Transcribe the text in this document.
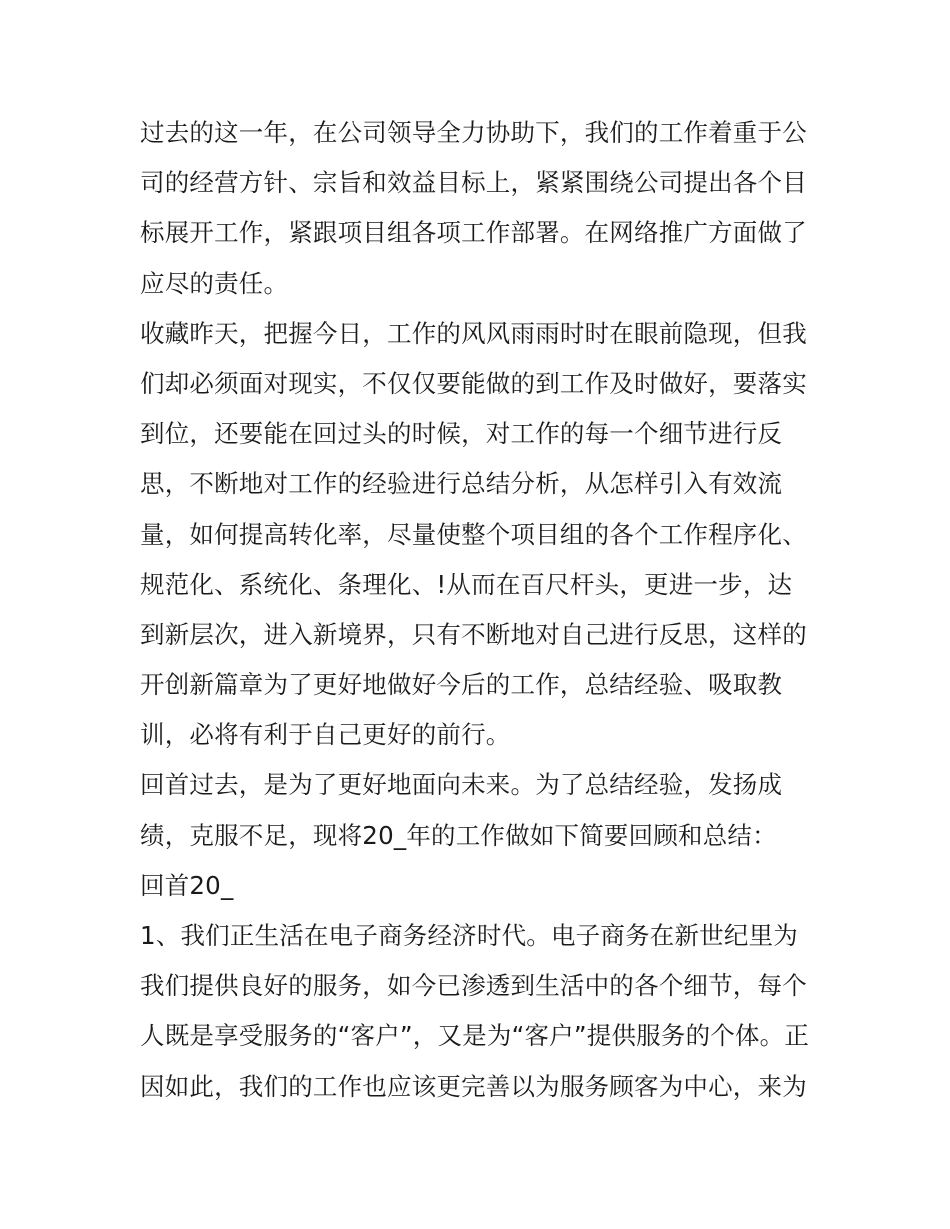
过去的这一年，在公司领导全力协助下，我们的工作着重于公
司的经营方针、宗旨和效益目标上，紧紧围绕公司提出各个目
标展开工作，紧跟项目组各项工作部署。在网络推广方面做了
应尽的责任。
收藏昨天，把握今日，工作的风风雨雨时时在眼前隐现，但我
们却必须面对现实，不仅仅要能做的到工作及时做好，要落实
到位，还要能在回过头的时候，对工作的每一个细节进行反
思，不断地对工作的经验进行总结分析，从怎样引入有效流
量，如何提高转化率，尽量使整个项目组的各个工作程序化、
规范化、系统化、条理化、!从而在百尺杆头，更进一步，达
到新层次，进入新境界，只有不断地对自己进行反思，这样的
开创新篇章为了更好地做好今后的工作，总结经验、吸取教
训，必将有利于自己更好的前行。
回首过去，是为了更好地面向未来。为了总结经验，发扬成
绩，克服不足，现将20_年的工作做如下简要回顾和总结：
回首20_
1、我们正生活在电子商务经济时代。电子商务在新世纪里为
我们提供良好的服务，如今已渗透到生活中的各个细节，每个
人既是享受服务的“客户”，又是为“客户”提供服务的个体。正
因如此，我们的工作也应该更完善以为服务顾客为中心，来为
